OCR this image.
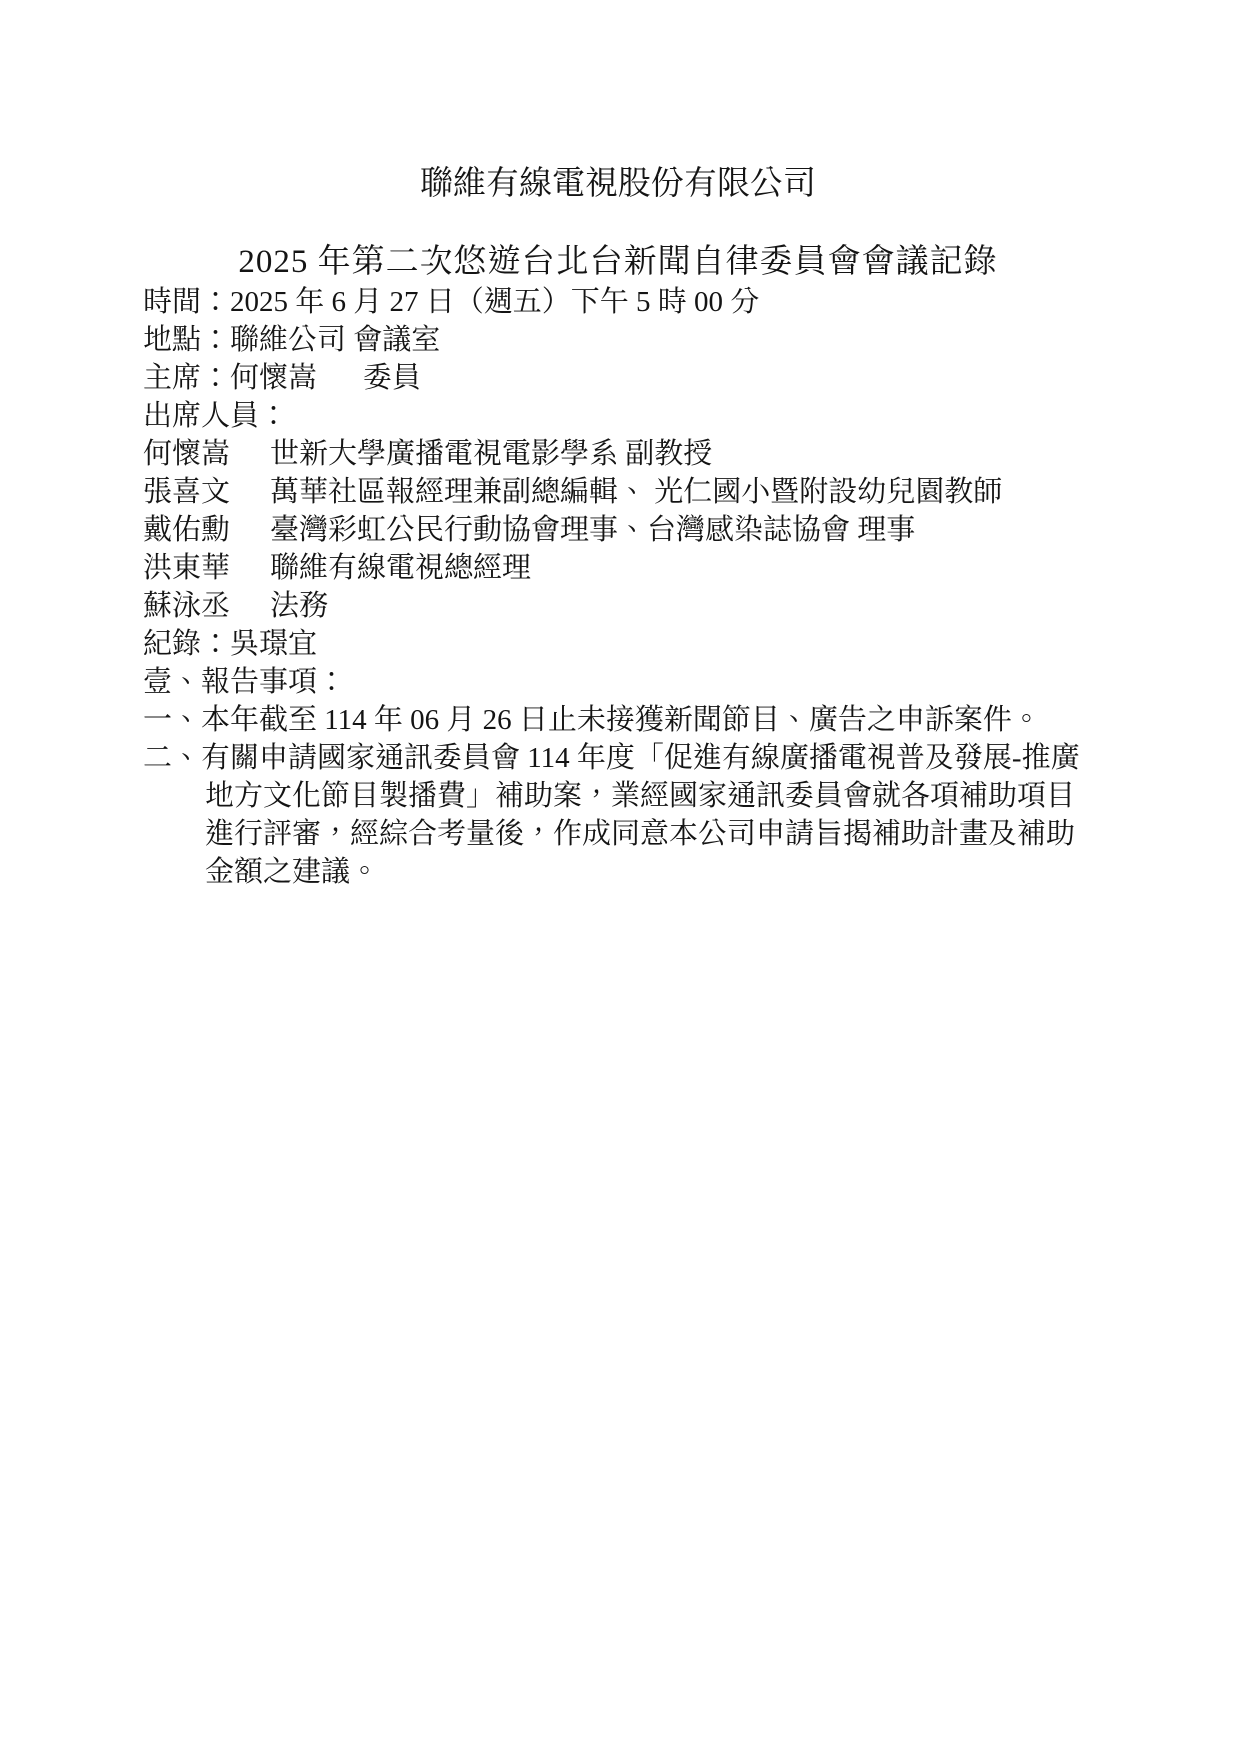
聯維有線電視股份有限公司
2025 年第二次悠遊台北台新聞自律委員會會議記錄

時間：2025 年 6 月 27 日（週五）下午 5 時 00 分

地點：聯維公司 會議室

主席：何懷嵩 委員

出席人員：

何懷嵩 世新大學廣播電視電影學系 副教授

張喜文 萬華社區報經理兼副總編輯、 光仁國小暨附設幼兒園教師

戴佑勳 臺灣彩虹公民行動協會理事、台灣感染誌協會 理事

洪東華 聯維有線電視總經理

蘇泳丞 法務

紀錄：吳璟宜

壹、報告事項：

一、本年截至 114 年 06 月 26 日止未接獲新聞節目、廣告之申訴案件。

二、有關申請國家通訊委員會 114 年度「促進有線廣播電視普及發展-推廣地方文化節目製播費」補助案，業經國家通訊委員會就各項補助項目進行評審，經綜合考量後，作成同意本公司申請旨揭補助計畫及補助金額之建議。
